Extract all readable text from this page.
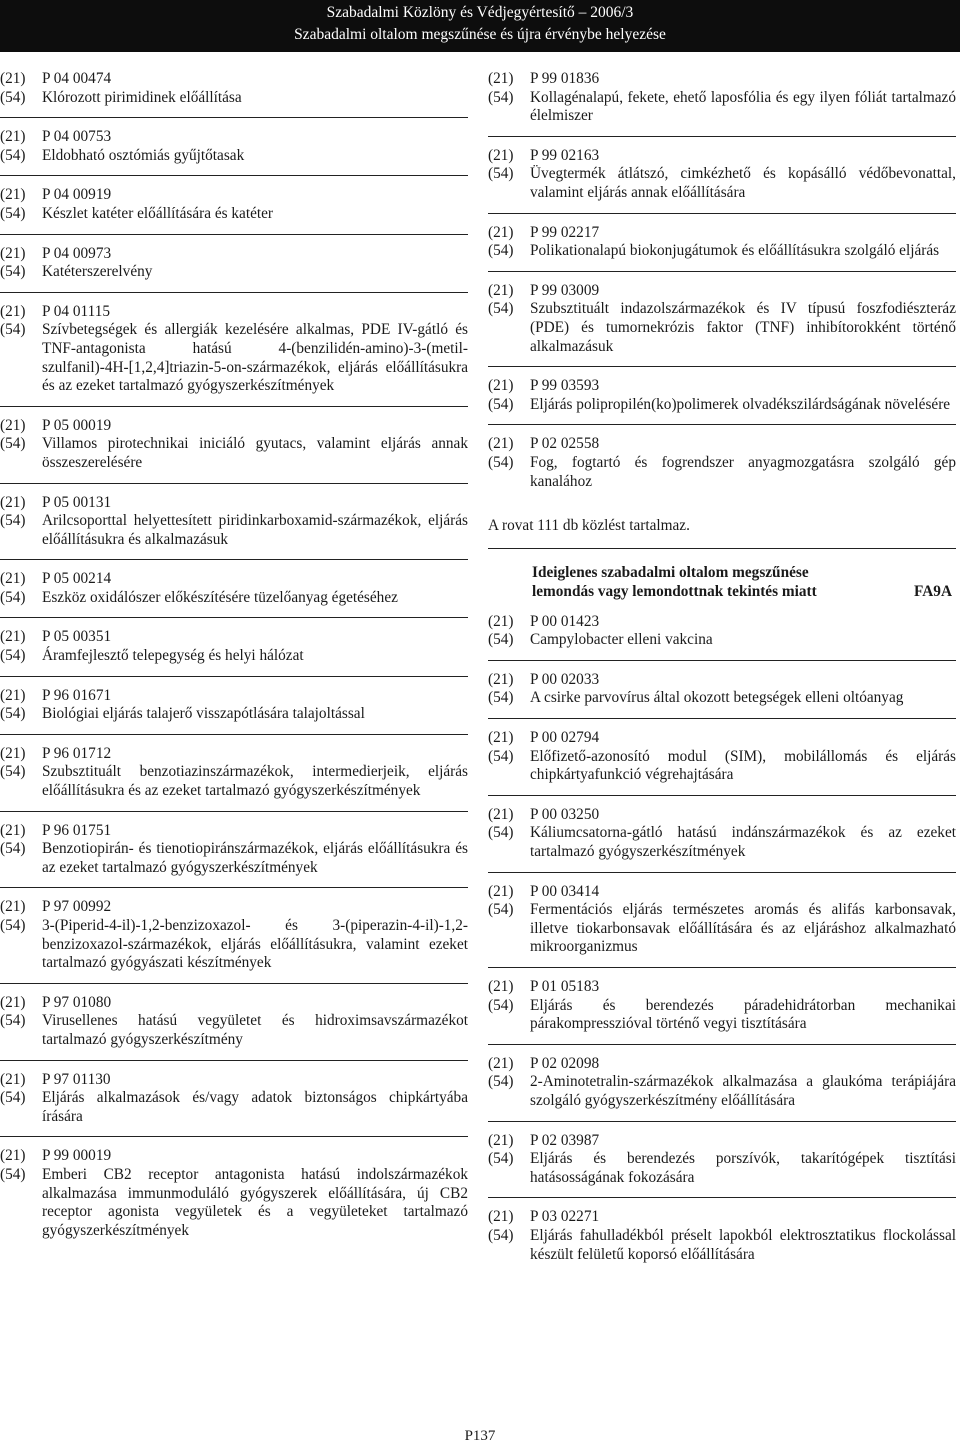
Szabadalmi Közlöny és Védjegyértesítő – 2006/3
Szabadalmi oltalom megszűnése és újra érvénybe helyezése
(21)	P 04 00474
(54)	Klórozott pirimidinek előállítása
(21)	P 04 00753
(54)	Eldobható osztómiás gyűjtőtasak
(21)	P 04 00919
(54)	Készlet katéter előállítására és katéter
(21)	P 04 00973
(54)	Katéterszerelvény
(21)	P 04 01115
(54)	Szívbetegségek és allergiák kezelésére alkalmas, PDE IV-gátló és TNF-antagonista hatású 4-(benzilidén-amino)-3-(metil-szulfanil)-4H-[1,2,4]triazin-5-on-származékok, eljárás előállításukra és az ezeket tartalmazó gyógyszerkészítmények
(21)	P 05 00019
(54)	Villamos pirotechnikai iniciáló gyutacs, valamint eljárás annak összeszerelésére
(21)	P 05 00131
(54)	Arilcsoporttal helyettesített piridinkarboxamid-származékok, eljárás előállításukra és alkalmazásuk
(21)	P 05 00214
(54)	Eszköz oxidálószer előkészítésére tüzelőanyag égetéséhez
(21)	P 05 00351
(54)	Áramfejlesztő telepegység és helyi hálózat
(21)	P 96 01671
(54)	Biológiai eljárás talajerő visszapótlására talajoltással
(21)	P 96 01712
(54)	Szubsztituált benzotiazinszármazékok, intermedierjeik, eljárás előállításukra és az ezeket tartalmazó gyógyszerkészítmények
(21)	P 96 01751
(54)	Benzotiopirán- és tienotiopiránszármazékok, eljárás előállításukra és az ezeket tartalmazó gyógyszerkészítmények
(21)	P 97 00992
(54)	3-(Piperid-4-il)-1,2-benzizoxazol- és 3-(piperazin-4-il)-1,2- benzizoxazol-származékok, eljárás előállításukra, valamint ezeket tartalmazó gyógyászati készítmények
(21)	P 97 01080
(54)	Virusellenes hatású vegyületet és hidroximsavszármazékot tartalmazó gyógyszerkészítmény
(21)	P 97 01130
(54)	Eljárás alkalmazások és/vagy adatok biztonságos chipkártyába írására
(21)	P 99 00019
(54)	Emberi CB2 receptor antagonista hatású indolszármazékok alkalmazása immunmoduláló gyógyszerek előállítására, új CB2 receptor agonista vegyületek és a vegyületeket tartalmazó gyógyszerkészítmények
(21)	P 99 01836
(54)	Kollagénalapú, fekete, ehető laposfólia és egy ilyen fóliát tartalmazó élelmiszer
(21)	P 99 02163
(54)	Üvegtermék átlátszó, cimkézhető és kopásálló védőbevonattal, valamint eljárás annak előállítására
(21)	P 99 02217
(54)	Polikationalapú biokonjugátumok és előállításukra szolgáló eljárás
(21)	P 99 03009
(54)	Szubsztituált indazolszármazékok és IV típusú foszfodiészteráz (PDE) és tumornekrózis faktor (TNF) inhibítorokként történő alkalmazásuk
(21)	P 99 03593
(54)	Eljárás polipropilén(ko)polimerek olvadékszilárdságának növelésére
(21)	P 02 02558
(54)	Fog, fogtartó és fogrendszer anyagmozgatásra szolgáló gép kanalához
A rovat 111 db közlést tartalmaz.
Ideiglenes szabadalmi oltalom megszűnése
lemondás vagy lemondottnak tekintés miatt	FA9A
(21)	P 00 01423
(54)	Campylobacter elleni vakcina
(21)	P 00 02033
(54)	A csirke parvovírus által okozott betegségek elleni oltóanyag
(21)	P 00 02794
(54)	Előfizető-azonosító modul (SIM), mobilállomás és eljárás chipkártyafunkció végrehajtására
(21)	P 00 03250
(54)	Káliumcsatorna-gátló hatású indánszármazékok és az ezeket tartalmazó gyógyszerkészítmények
(21)	P 00 03414
(54)	Fermentációs eljárás természetes aromás és alifás karbonsavak, illetve tiokarbonsavak előállítására és az eljáráshoz alkalmazható mikroorganizmus
(21)	P 01 05183
(54)	Eljárás és berendezés páradehidrátorban mechanikai párakompresszióval történő vegyi tisztítására
(21)	P 02 02098
(54)	2-Aminotetralin-származékok alkalmazása a glaukóma terápiájára szolgáló gyógyszerkészítmény előállítására
(21)	P 02 03987
(54)	Eljárás és berendezés porszívók, takarítógépek tisztítási hatásosságának fokozására
(21)	P 03 02271
(54)	Eljárás fahulladékból préselt lapokból elektrosztatikus flockolással készült felületű koporsó előállítására
P137
